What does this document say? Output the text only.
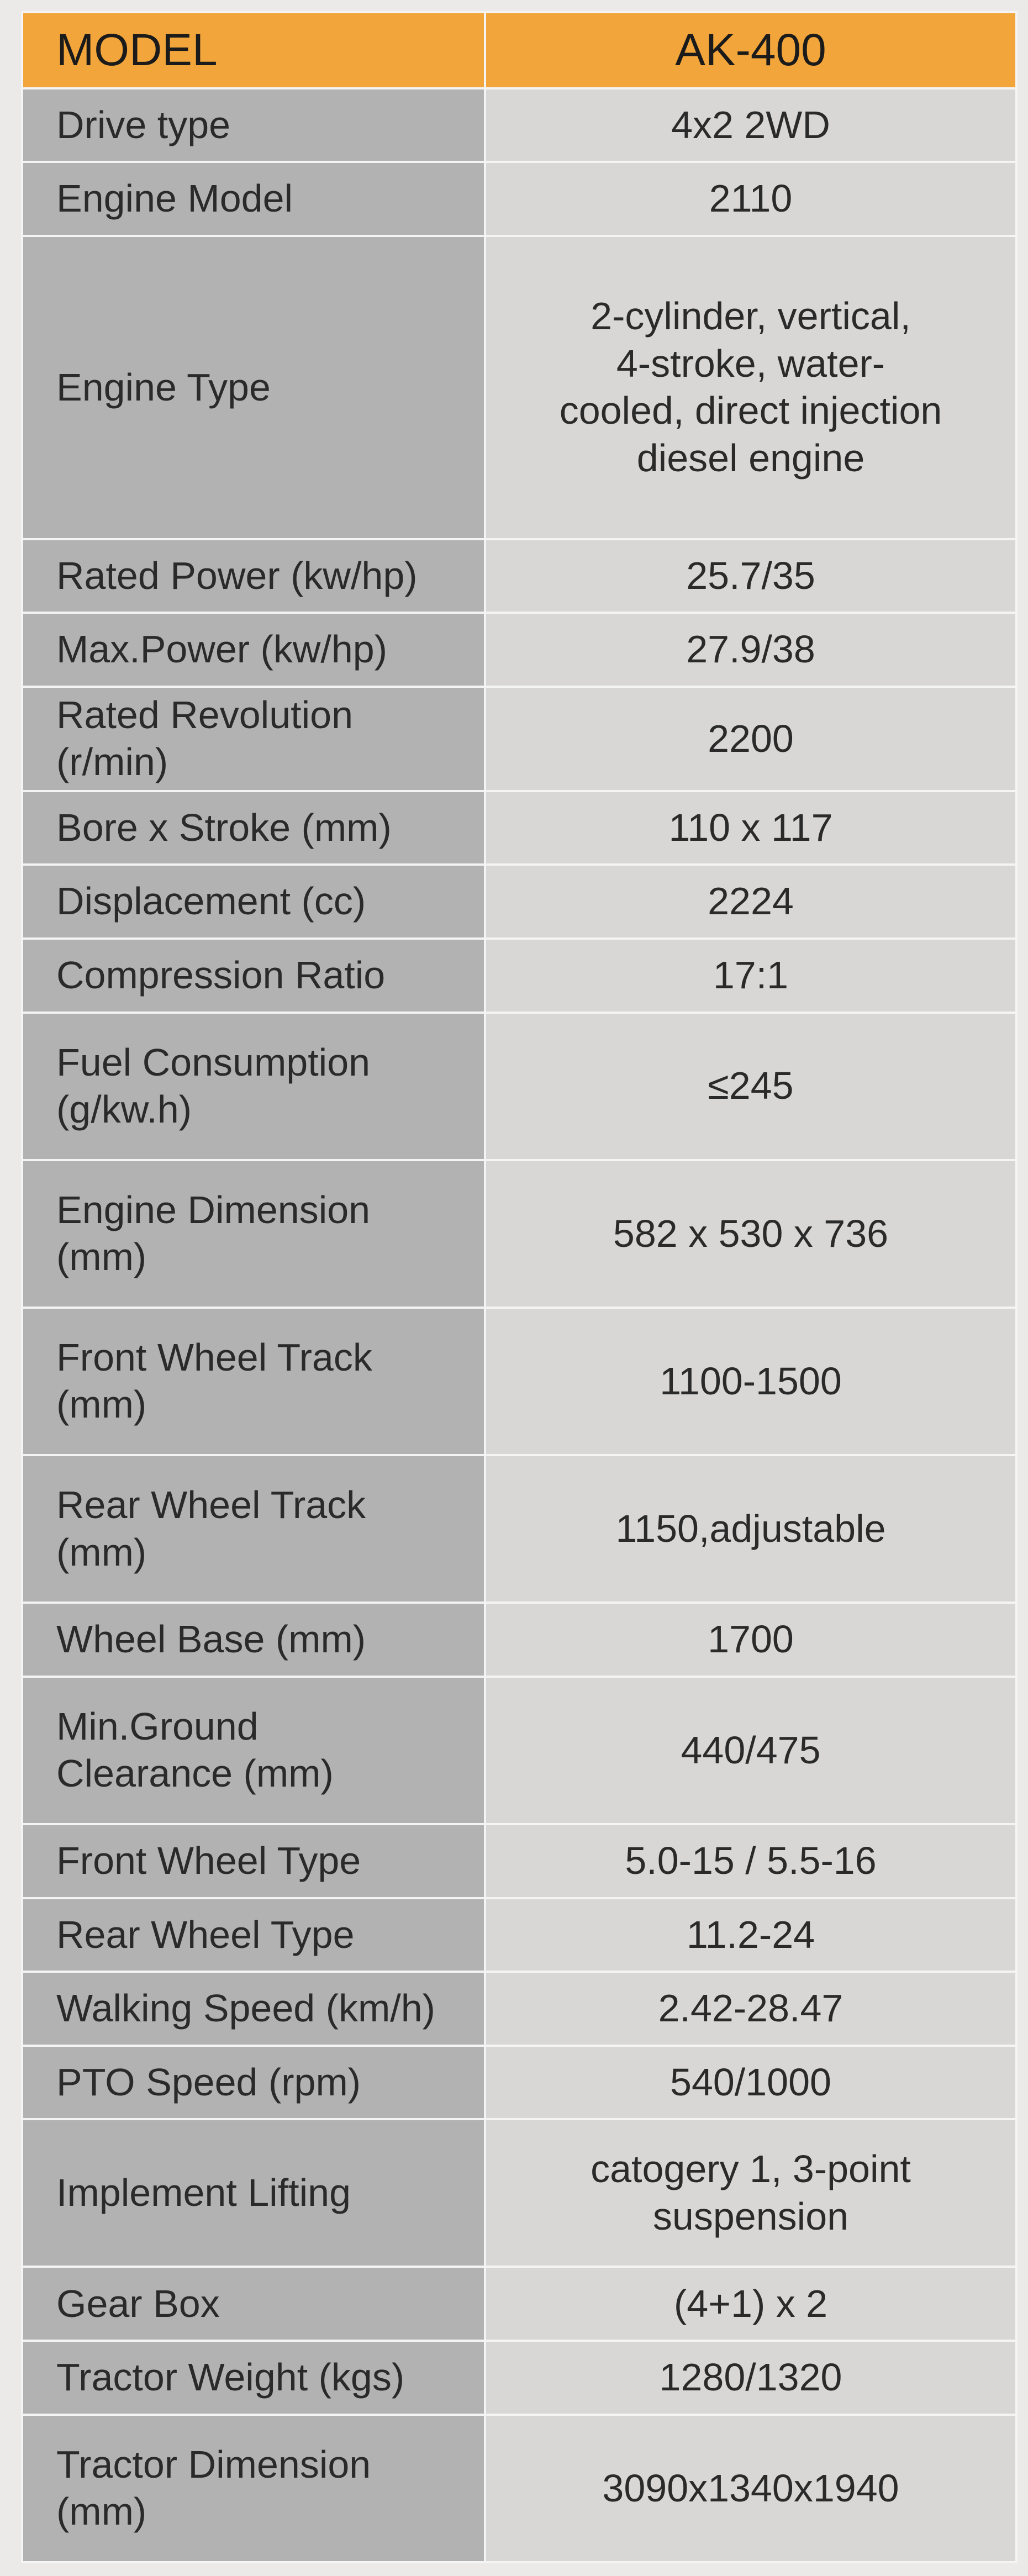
MODEL	AK-400

Drive type	4x2 2WD

Engine Model	2110

Engine Type	2-cylinder, vertical,
4-stroke, water-
cooled, direct injection
diesel engine

Rated Power (kw/hp)	25.7/35

Max.Power (kw/hp)	27.9/38

Rated Revolution
(r/min)	2200

Bore x Stroke (mm)	110 x 117

Displacement (cc)	2224

Compression Ratio	17:1

Fuel Consumption
(g/kw.h)	≤245

Engine Dimension
(mm)	582 x 530 x 736

Front Wheel Track
(mm)	1100-1500

Rear Wheel Track
(mm)	1150,adjustable

Wheel Base (mm)	1700

Min.Ground
Clearance (mm)	440/475

Front Wheel Type	5.0-15 / 5.5-16

Rear Wheel Type	11.2-24

Walking Speed (km/h)	2.42-28.47

PTO Speed (rpm)	540/1000

Implement Lifting	catogery 1, 3-point
suspension

Gear Box	(4+1) x 2

Tractor Weight (kgs)	1280/1320

Tractor Dimension
(mm)	3090x1340x1940
